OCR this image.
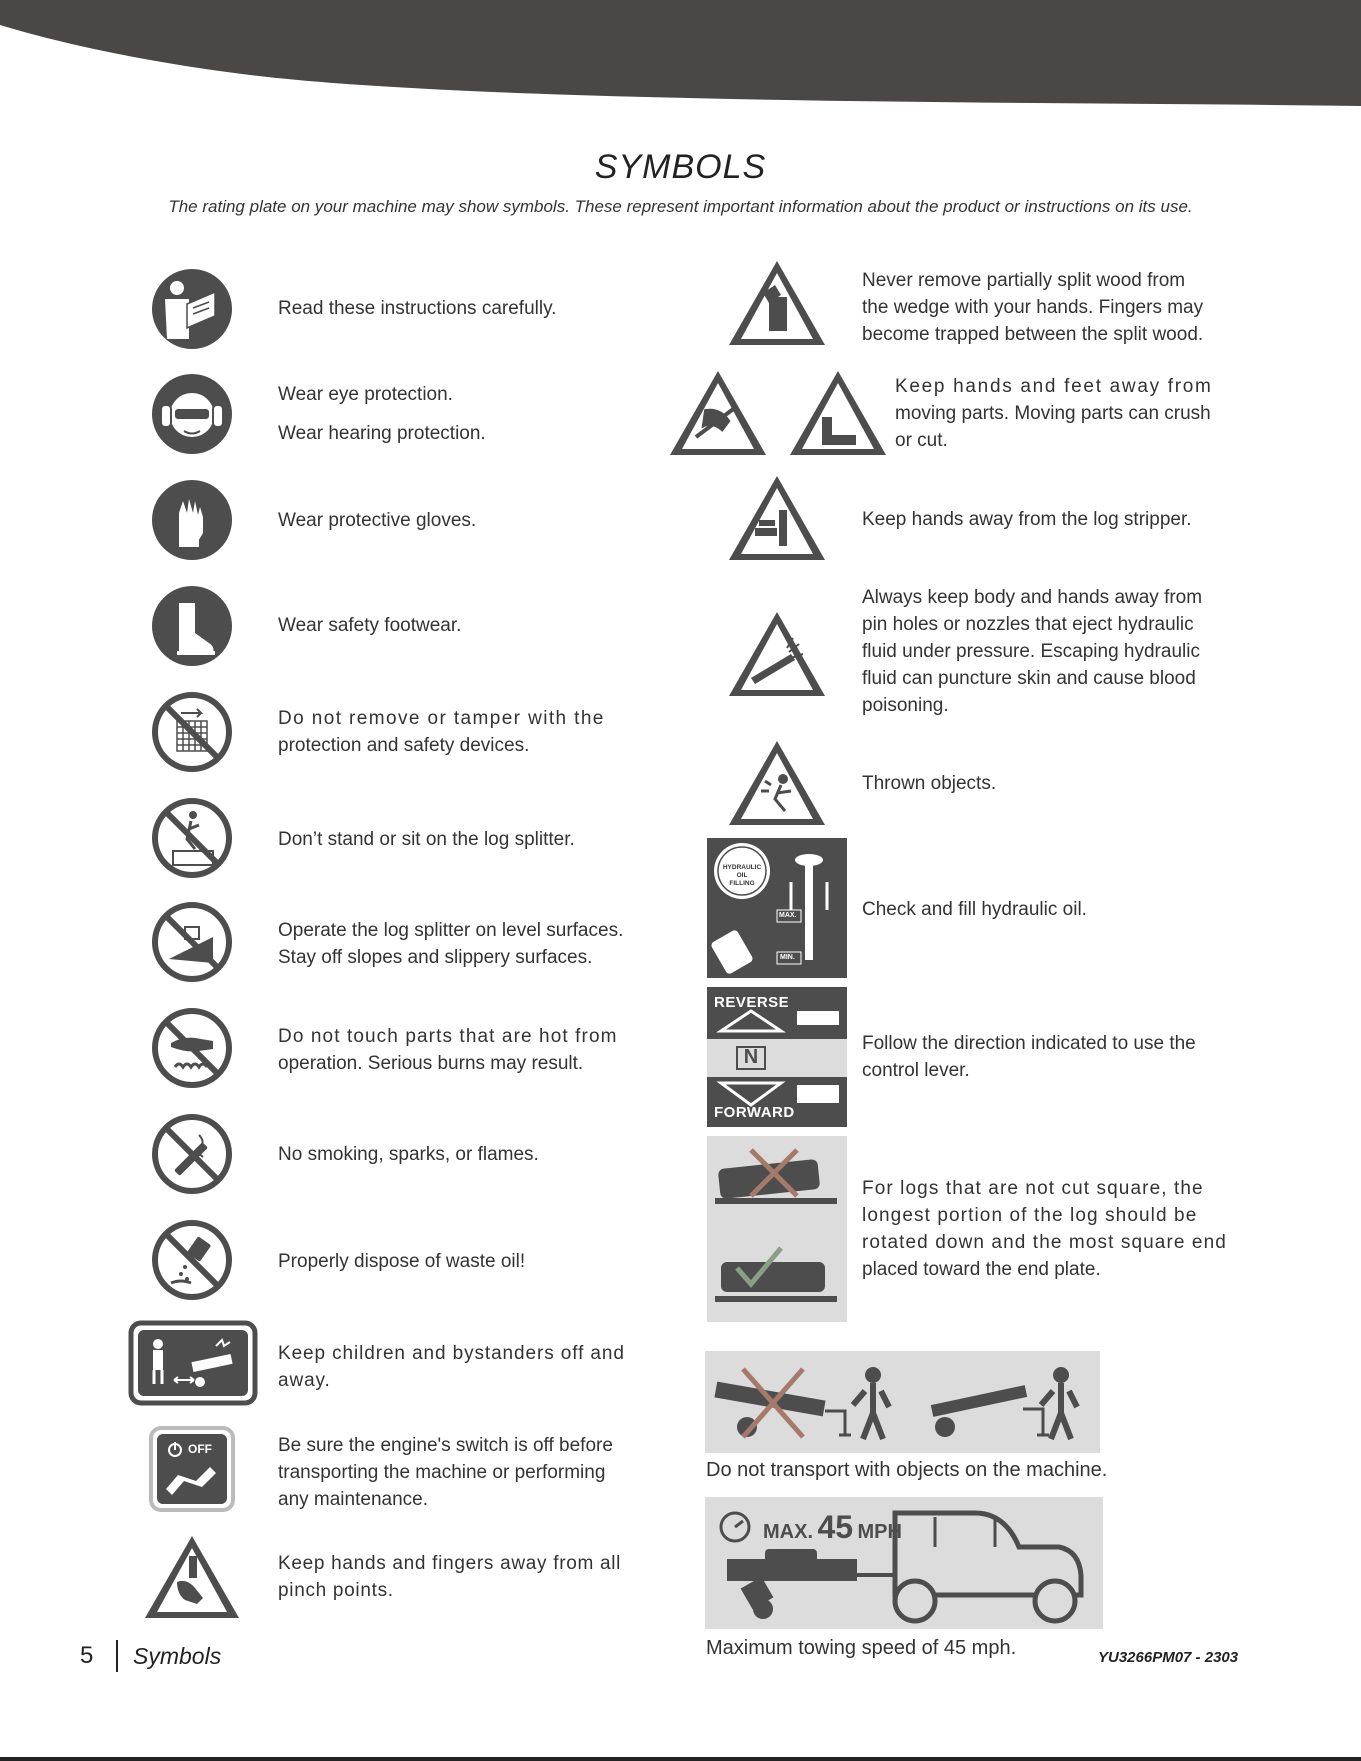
SYMBOLS
The rating plate on your machine may show symbols. These represent important information about the product or instructions on its use.
Read these instructions carefully.
Wear eye protection.
Wear hearing protection.
Wear protective gloves.
Wear safety footwear.
Do not remove or tamper with the
protection and safety devices.
Don’t stand or sit on the log splitter.
Operate the log splitter on level surfaces.
Stay off slopes and slippery surfaces.
Do not touch parts that are hot from
operation. Serious burns may result.
No smoking, sparks, or flames.
Properly dispose of waste oil!
Keep children and bystanders off and
away.
OFF	Be sure the engine's switch is off before
transporting the machine or performing
any maintenance.
Keep hands and fingers away from all
pinch points.
Never remove partially split wood from
the wedge with your hands. Fingers may
become trapped between the split wood.
Keep hands and feet away from
moving parts. Moving parts can crush
or cut.
Keep hands away from the log stripper.
Always keep body and hands away from
pin holes or nozzles that eject hydraulic
fluid under pressure. Escaping hydraulic
fluid can puncture skin and cause blood
poisoning.
Thrown objects.
HYDRAULIC
OIL
FILLING
MAX.
MIN.
Check and fill hydraulic oil.
REVERSE
N
FORWARD
Follow the direction indicated to use the
control lever.
For logs that are not cut square, the
longest portion of the log should be
rotated down and the most square end
placed toward the end plate.
Do not transport with objects on the machine.
MAX. 45 MPH
Maximum towing speed of 45 mph.
5 Symbols	YU3266PM07 - 2303
